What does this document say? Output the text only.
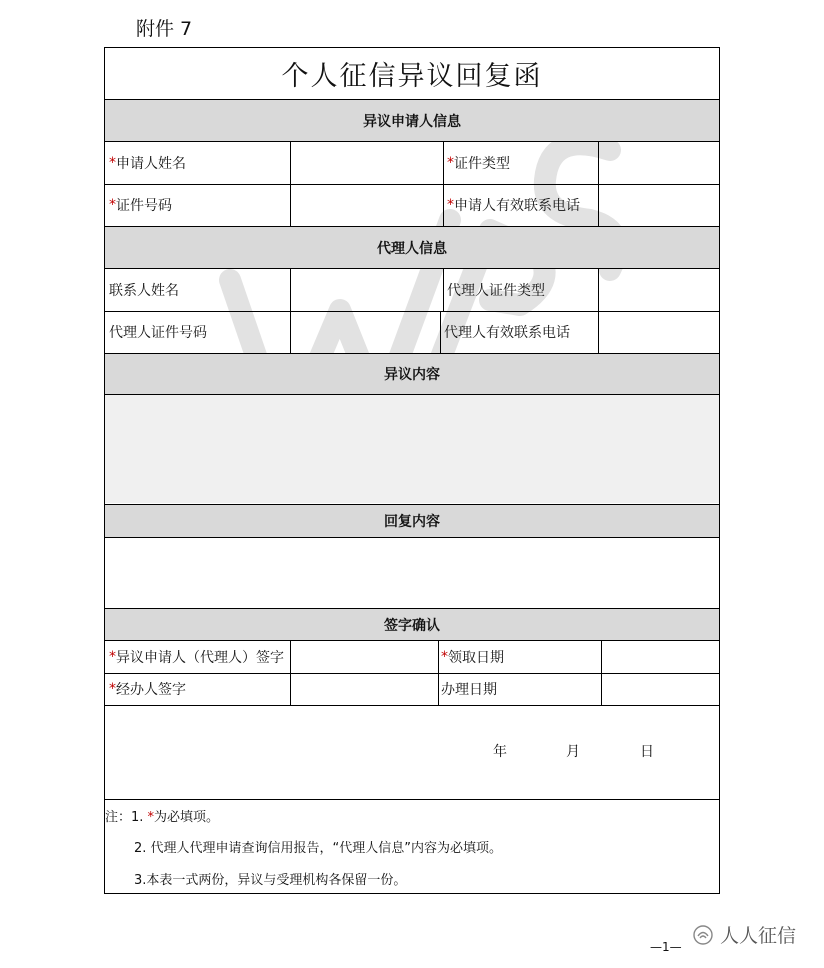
附件 7
个人征信异议回复函
异议申请人信息
* 申请人姓名	* 证件类型
* 证件号码	* 申请人有效联系电话
代理人信息
联系人姓名	代理人证件类型
代理人证件号码	代理人有效联系电话
异议内容
回复内容
签字确认
* 异议申请人（代理人）签字	* 领取日期
* 经办人签字	办理日期
年	月	日
注：1. *为必填项。
2. 代理人代理申请查询信用报告，“代理人信息”内容为必填项。
3.本表一式两份，异议与受理机构各保留一份。
人人征信
—1—
